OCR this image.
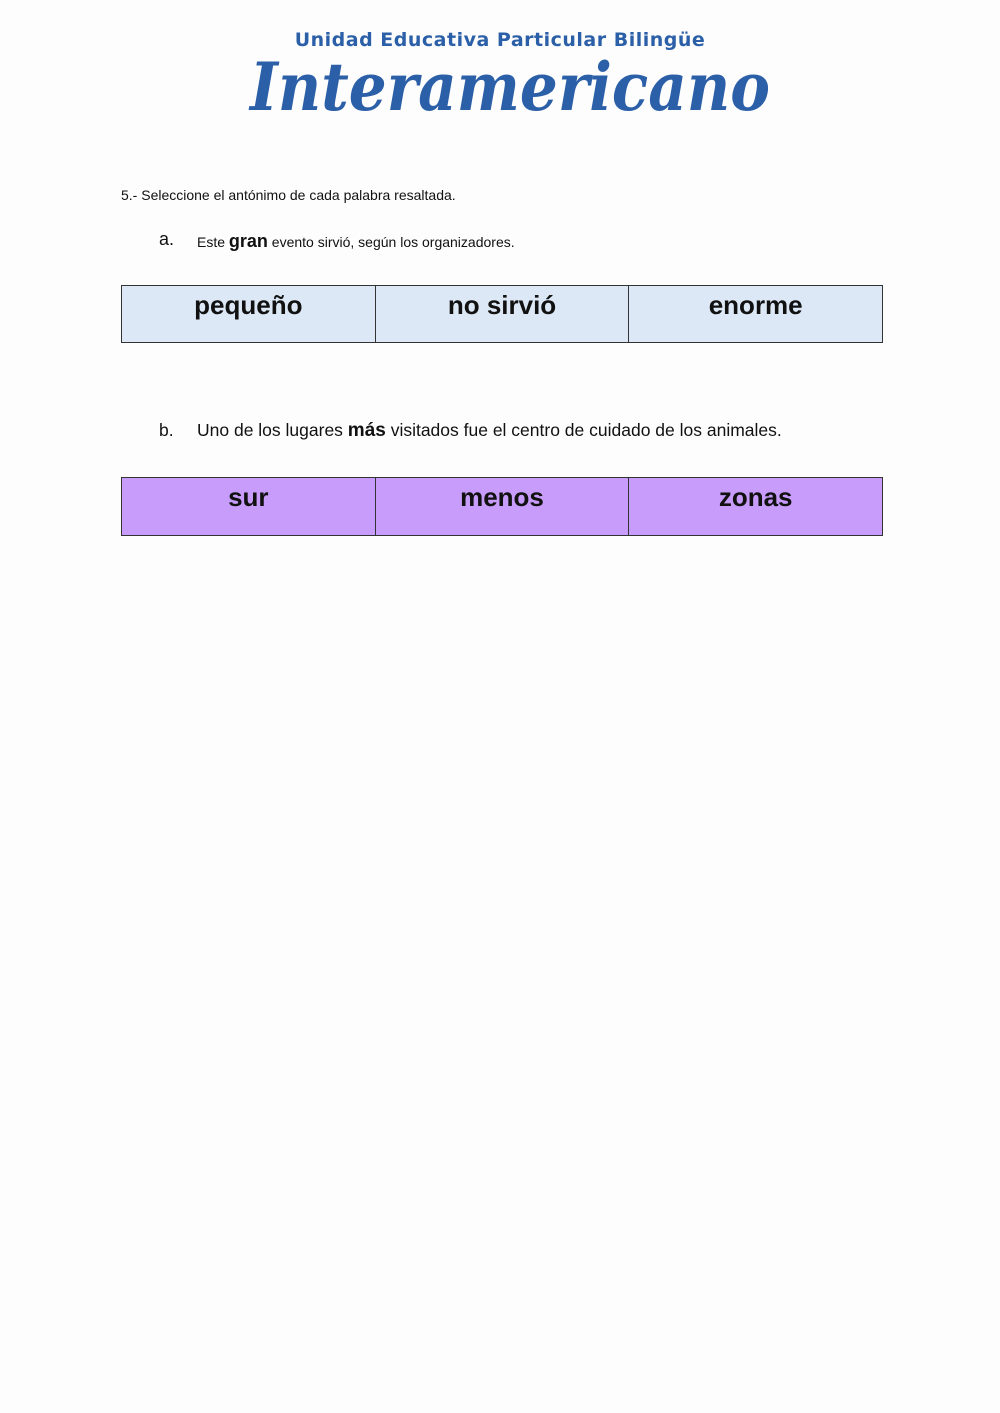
Unidad Educativa Particular Bilingüe
Interamericano
5.- Seleccione el antónimo de cada palabra resaltada.
a. Este gran evento sirvió, según los organizadores.
pequeño	no sirvió	enorme
b. Uno de los lugares más visitados fue el centro de cuidado de los animales.
sur	menos	zonas
